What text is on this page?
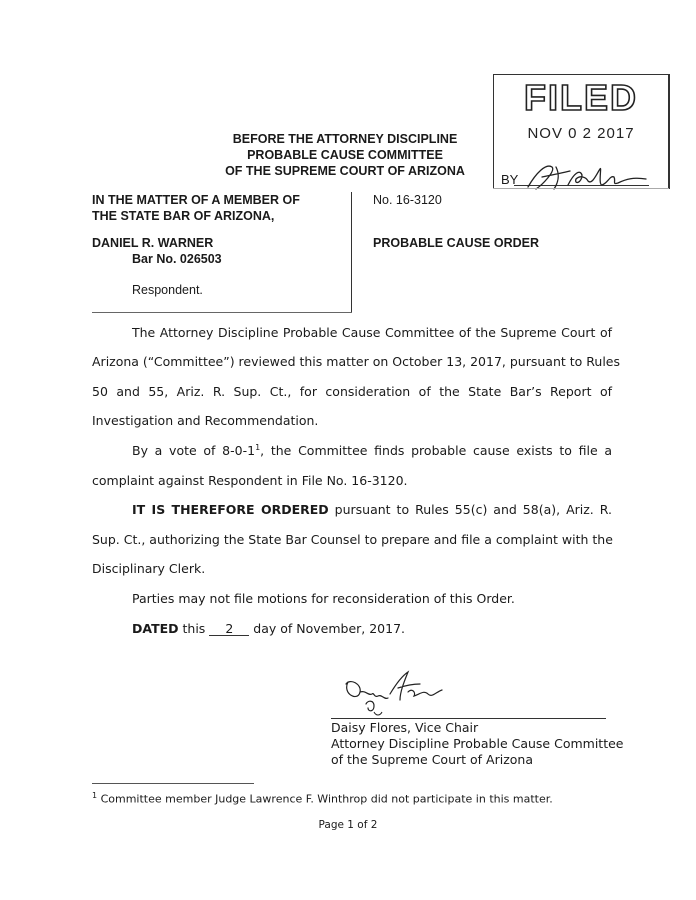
FILED
NOV 0 2 2017
BY
BEFORE THE ATTORNEY DISCIPLINE
PROBABLE CAUSE COMMITTEE
OF THE SUPREME COURT OF ARIZONA
IN THE MATTER OF A MEMBER OF
THE STATE BAR OF ARIZONA,
DANIEL R. WARNER
Bar No. 026503
Respondent.
No. 16-3120
PROBABLE CAUSE ORDER
The Attorney Discipline Probable Cause Committee of the Supreme Court of
Arizona (“Committee”) reviewed this matter on October 13, 2017, pursuant to Rules
50 and 55, Ariz. R. Sup. Ct., for consideration of the State Bar’s Report of
Investigation and Recommendation.
By a vote of $8-0-1^1$, the Committee finds probable cause exists to file a
complaint against Respondent in File No. 16-3120.
IT IS THEREFORE ORDERED pursuant to Rules 55(c) and 58(a), Ariz. R.
Sup. Ct., authorizing the State Bar Counsel to prepare and file a complaint with the
Disciplinary Clerk.
Parties may not file motions for reconsideration of this Order.
DATED this 2 day of November, 2017.
Daisy Flores, Vice Chair
Attorney Discipline Probable Cause Committee
of the Supreme Court of Arizona
$^1$ Committee member Judge Lawrence F. Winthrop did not participate in this matter.
Page 1 of 2
